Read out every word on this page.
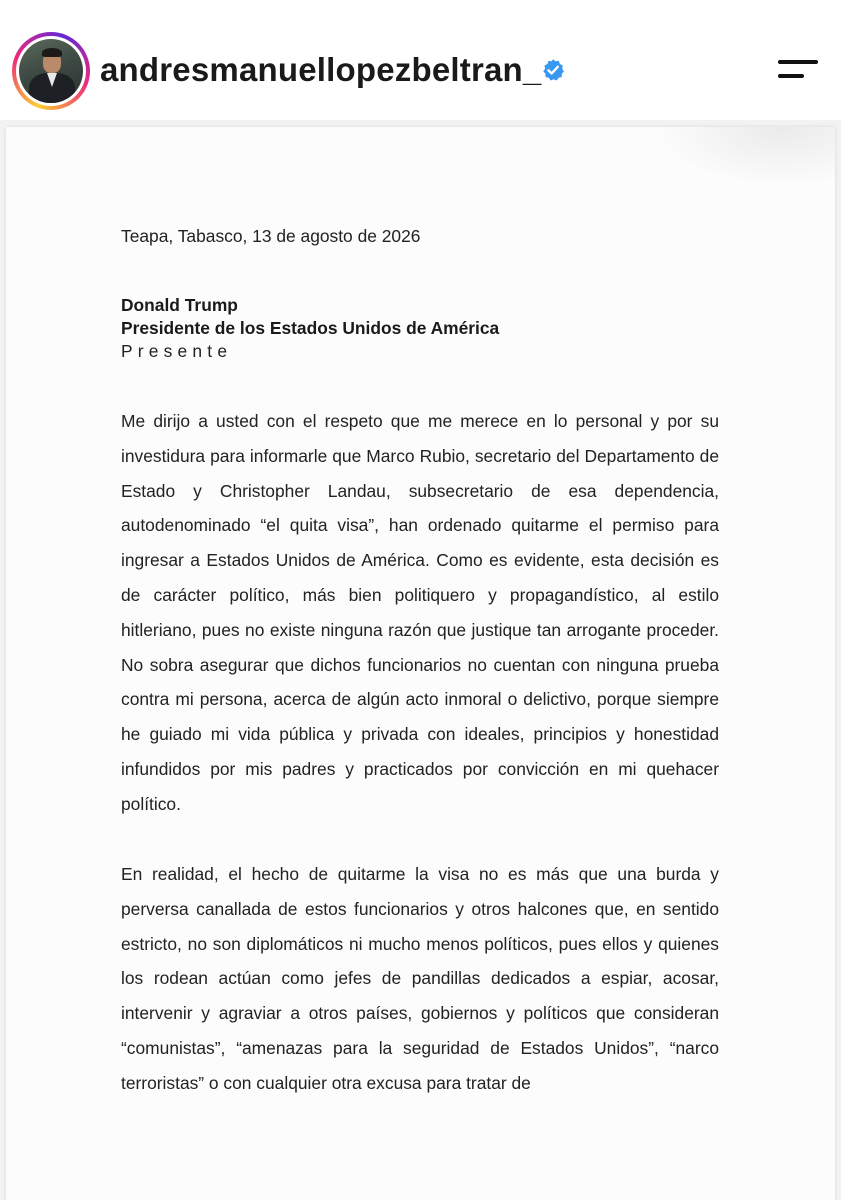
andresmanuellopezbeltran_
Teapa, Tabasco, 13 de agosto de 2026
Donald Trump
Presidente de los Estados Unidos de América
Presente
Me dirijo a usted con el respeto que me merece en lo personal y por su investidura para informarle que Marco Rubio, secretario del Departamento de Estado y Christopher Landau, subsecretario de esa dependencia, autodenominado “el quita visa”, han ordenado quitarme el permiso para ingresar a Estados Unidos de América. Como es evidente, esta decisión es de carácter político, más bien politiquero y propagandístico, al estilo hitleriano, pues no existe ninguna razón que justique tan arrogante proceder. No sobra asegurar que dichos funcionarios no cuentan con ninguna prueba contra mi persona, acerca de algún acto inmoral o delictivo, porque siempre he guiado mi vida pública y privada con ideales, principios y honestidad infundidos por mis padres y practicados por convicción en mi quehacer político.
En realidad, el hecho de quitarme la visa no es más que una burda y perversa canallada de estos funcionarios y otros halcones que, en sentido estricto, no son diplomáticos ni mucho menos políticos, pues ellos y quienes los rodean actúan como jefes de pandillas dedicados a espiar, acosar, intervenir y agraviar a otros países, gobiernos y políticos que consideran “comunistas”, “amenazas para la seguridad de Estados Unidos”, “narco terroristas” o con cualquier otra excusa para tratar de
